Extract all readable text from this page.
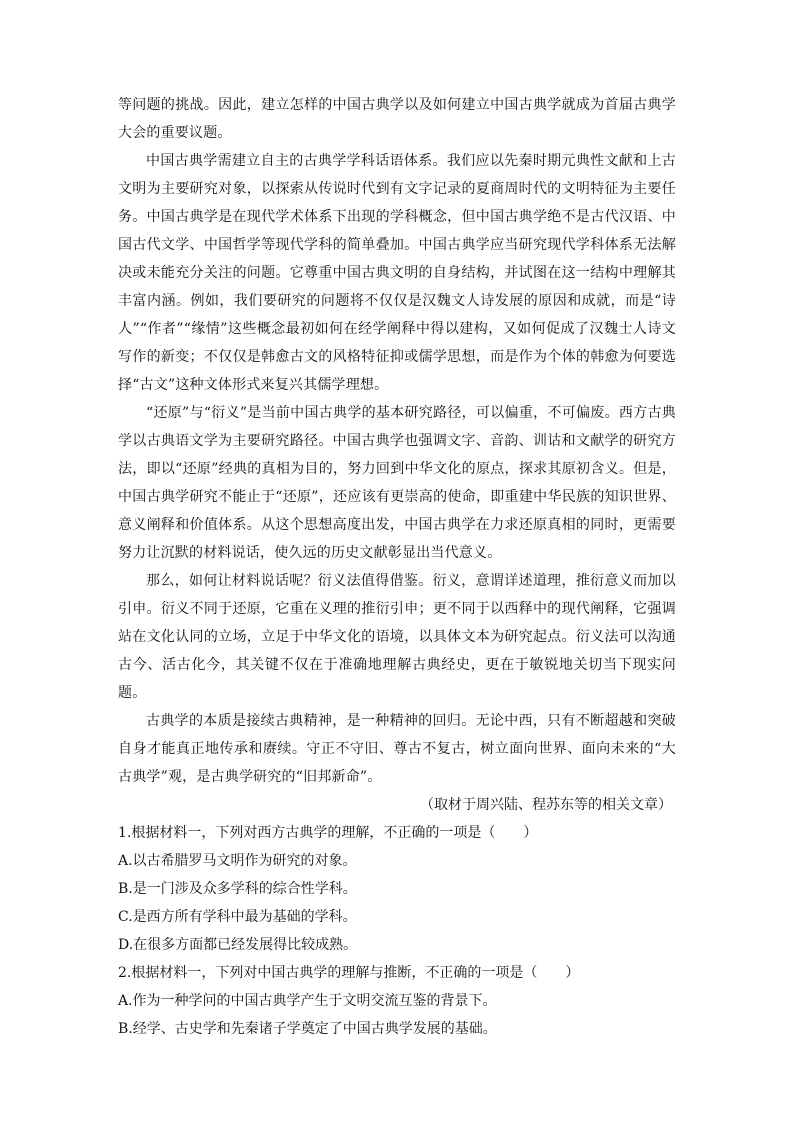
等问题的挑战。因此，建立怎样的中国古典学以及如何建立中国古典学就成为首届古典学大会的重要议题。

中国古典学需建立自主的古典学学科话语体系。我们应以先秦时期元典性文献和上古文明为主要研究对象，以探索从传说时代到有文字记录的夏商周时代的文明特征为主要任务。中国古典学是在现代学术体系下出现的学科概念，但中国古典学绝不是古代汉语、中国古代文学、中国哲学等现代学科的简单叠加。中国古典学应当研究现代学科体系无法解决或未能充分关注的问题。它尊重中国古典文明的自身结构，并试图在这一结构中理解其丰富内涵。例如，我们要研究的问题将不仅仅是汉魏文人诗发展的原因和成就，而是“诗人”“作者”“缘情”这些概念最初如何在经学阐释中得以建构，又如何促成了汉魏士人诗文写作的新变；不仅仅是韩愈古文的风格特征抑或儒学思想，而是作为个体的韩愈为何要选择“古文”这种文体形式来复兴其儒学理想。

“还原”与“衍义”是当前中国古典学的基本研究路径，可以偏重，不可偏废。西方古典学以古典语文学为主要研究路径。中国古典学也强调文字、音韵、训诂和文献学的研究方法，即以“还原”经典的真相为目的，努力回到中华文化的原点，探求其原初含义。但是，中国古典学研究不能止于“还原”，还应该有更崇高的使命，即重建中华民族的知识世界、意义阐释和价值体系。从这个思想高度出发，中国古典学在力求还原真相的同时，更需要努力让沉默的材料说话，使久远的历史文献彰显出当代意义。

那么，如何让材料说话呢？衍义法值得借鉴。衍义，意谓详述道理，推衍意义而加以引申。衍义不同于还原，它重在义理的推衍引申；更不同于以西释中的现代阐释，它强调站在文化认同的立场，立足于中华文化的语境，以具体文本为研究起点。衍义法可以沟通古今、活古化今，其关键不仅在于准确地理解古典经史，更在于敏锐地关切当下现实问题。

古典学的本质是接续古典精神，是一种精神的回归。无论中西，只有不断超越和突破自身才能真正地传承和赓续。守正不守旧、尊古不复古，树立面向世界、面向未来的“大古典学”观，是古典学研究的“旧邦新命”。

（取材于周兴陆、程苏东等的相关文章）

1.根据材料一，下列对西方古典学的理解，不正确的一项是（　　）

A.以古希腊罗马文明作为研究的对象。

B.是一门涉及众多学科的综合性学科。

C.是西方所有学科中最为基础的学科。

D.在很多方面都已经发展得比较成熟。

2.根据材料一，下列对中国古典学的理解与推断，不正确的一项是（　　）

A.作为一种学问的中国古典学产生于文明交流互鉴的背景下。

B.经学、古史学和先秦诸子学奠定了中国古典学发展的基础。
